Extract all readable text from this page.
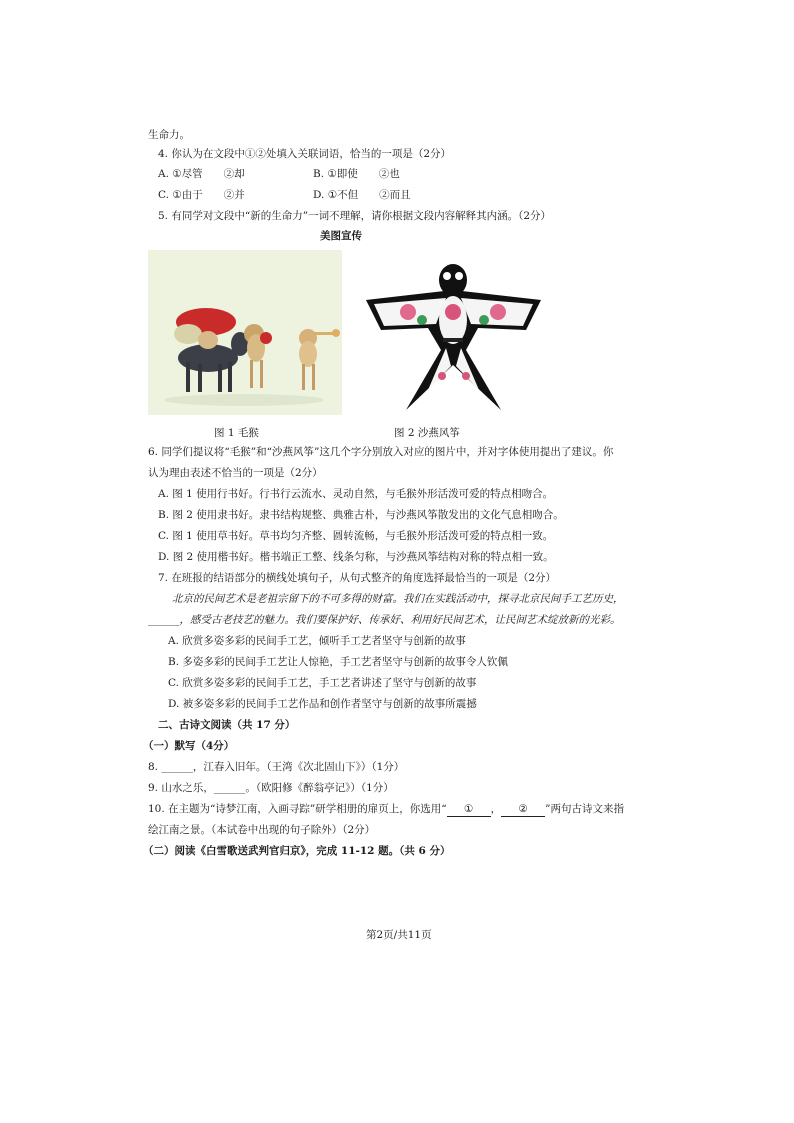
生命力。
4. 你认为在文段中①②处填入关联词语，恰当的一项是（2分）
A. ①尽管　　②却	B. ①即使　　②也
C. ①由于　　②并	D. ①不但　　②而且
5. 有同学对文段中“新的生命力”一词不理解，请你根据文段内容解释其内涵。（2分）
美图宣传
图 1 毛猴	图 2 沙燕风筝
6. 同学们提议将“毛猴”和“沙燕风筝”这几个字分别放入对应的图片中，并对字体使用提出了建议。你
认为理由表述不恰当的一项是（2分）
A. 图 1 使用行书好。行书行云流水、灵动自然，与毛猴外形活泼可爱的特点相吻合。
B. 图 2 使用隶书好。隶书结构规整、典雅古朴，与沙燕风筝散发出的文化气息相吻合。
C. 图 1 使用草书好。草书均匀齐整、圆转流畅，与毛猴外形活泼可爱的特点相一致。
D. 图 2 使用楷书好。楷书端正工整、线条匀称，与沙燕风筝结构对称的特点相一致。
7. 在班报的结语部分的横线处填句子，从句式整齐的角度选择最恰当的一项是（2分）
北京的民间艺术是老祖宗留下的不可多得的财富。我们在实践活动中，探寻北京民间手工艺历史，
______，感受古老技艺的魅力。我们要保护好、传承好、利用好民间艺术，让民间艺术绽放新的光彩。
A. 欣赏多姿多彩的民间手工艺，倾听手工艺者坚守与创新的故事
B. 多姿多彩的民间手工艺让人惊艳，手工艺者坚守与创新的故事令人钦佩
C. 欣赏多姿多彩的民间手工艺，手工艺者讲述了坚守与创新的故事
D. 被多姿多彩的民间手工艺作品和创作者坚守与创新的故事所震撼
二、古诗文阅读（共 17 分）
（一）默写（4分）
8. ______，江春入旧年。（王湾《次北固山下》）（1分）
9. 山水之乐，______。（欧阳修《醉翁亭记》）（1分）
10. 在主题为“诗梦江南，入画寻踪”研学相册的扉页上，你选用“ ① ， ② ”两句古诗文来指
绘江南之景。（本试卷中出现的句子除外）（2分）
（二）阅读《白雪歌送武判官归京》，完成 11-12 题。（共 6 分）
第2页/共11页
